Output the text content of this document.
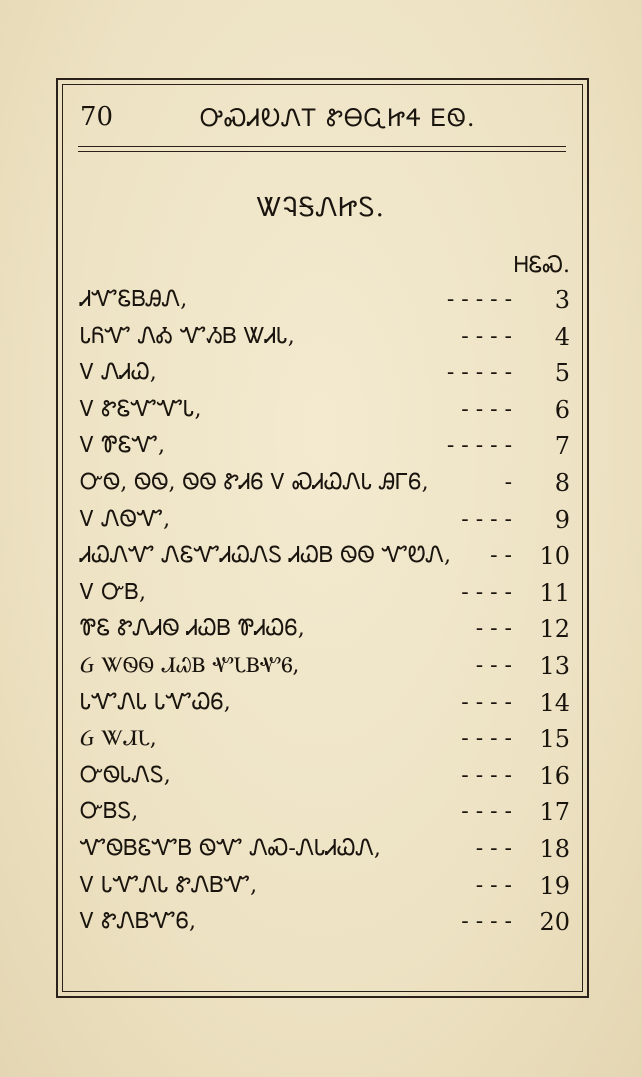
70	ᎤᏍᏗᎧᏁᎢ ᏑᎾᏩᏥᏎ ᎬᏫ.
ᏔᎸᎦᏁᏥᏚ.
ᎻᏋᏍ.
ᏗᏉᏋᏴᎯᏁ,	- - - - -	3
ᏓᏲᏉ ᏁᎣ ᏉᏱᏴ ᏔᏗᏓ,	- - - -	4
Ꮩ ᏁᏗᏇ,	- - - - -	5
Ꮩ ᏑᏋᏉᏉᏓ,	- - - -	6
Ꮩ ᏈᏋᏉ,	- - - - -	7
ᏅᏫ, ᏫᏫ, ᏫᏫ ᏑᏗᏮ Ꮩ ᏍᏗᏇᏁᏓ ᎯᎱᏮ,	-	8
Ꮩ ᏁᏫᏉ,	- - - -	9
ᏗᏇᏁᏉ ᏁᏋᏉᏗᏇᏁᏚ ᏗᏇᏴ ᏫᏫ ᏉᏬᏁ, - -	10
Ꮩ ᏅᏴ,	- - - -	11
ᏈᏋ ᏑᏁᏗᏫ ᏗᏇᏴ ᏈᏗᏇᏮ,	- - -	12
Ᏽ ᏔᏫᏫ ᏗᏇᏴ ᏉᏓᏴᏉᏮ,	- - -	13
ᏓᏉᏁᏓ ᏓᏉᏇᏮ,	- - - -	14
Ᏽ ᏔᏗᏓ,	- - - -	15
ᏅᏫᏓᏁᏚ,	- - - -	16
ᏅᏴᏚ,	- - - -	17
ᏉᏫᏴᏋᏉᏴ ᏫᏉ ᏁᏍ-ᏁᏓᏗᏇᏁ,	- - -	18
Ꮩ ᏓᏉᏁᏓ ᏑᏁᏴᏉ,	- - -	19
Ꮩ ᏑᏁᏴᏉᏮ,	- - - -	20
